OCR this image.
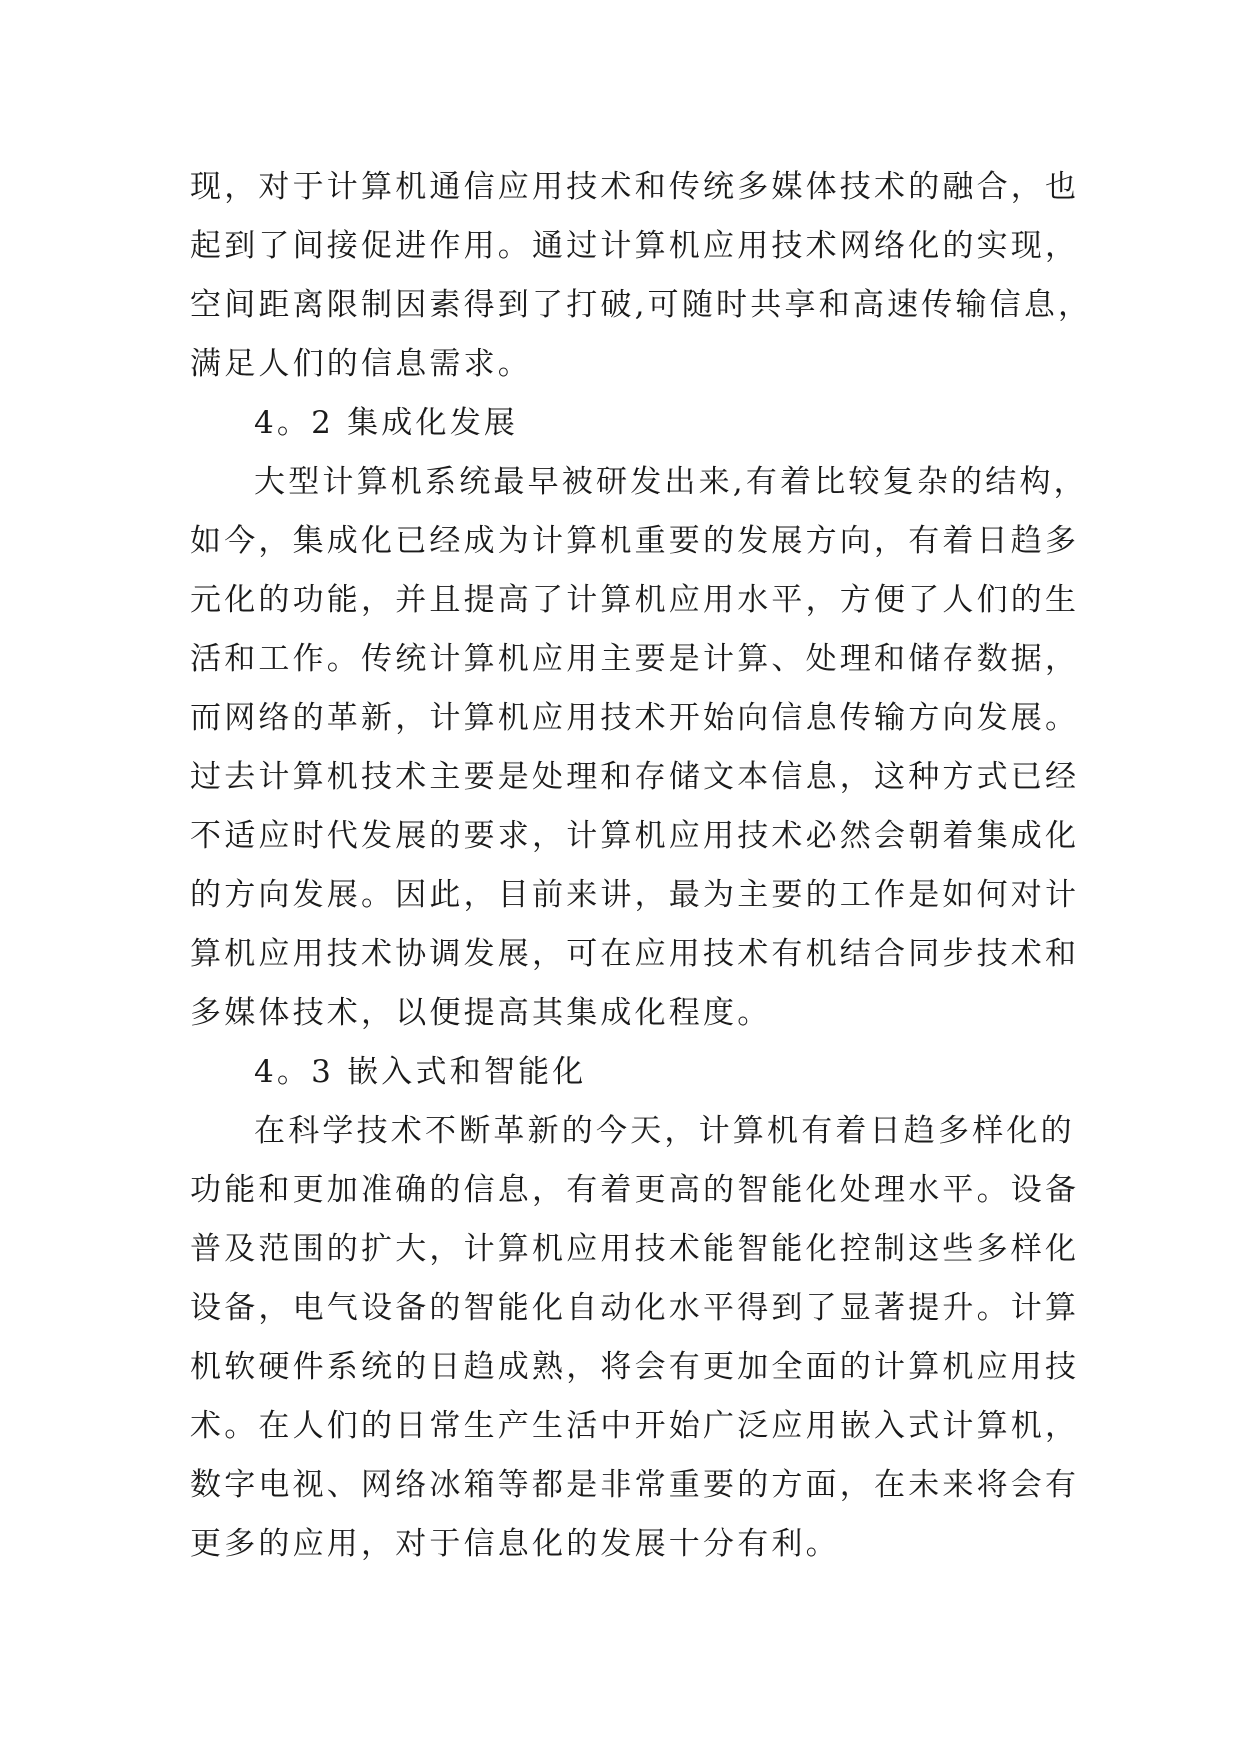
现，对于计算机通信应用技术和传统多媒体技术的融合，也
起到了间接促进作用。通过计算机应用技术网络化的实现，
空间距离限制因素得到了打破,可随时共享和高速传输信息，
满足人们的信息需求。
4。2 集成化发展
大型计算机系统最早被研发出来,有着比较复杂的结构，
如今，集成化已经成为计算机重要的发展方向，有着日趋多
元化的功能，并且提高了计算机应用水平，方便了人们的生
活和工作。传统计算机应用主要是计算、处理和储存数据，
而网络的革新，计算机应用技术开始向信息传输方向发展。
过去计算机技术主要是处理和存储文本信息，这种方式已经
不适应时代发展的要求，计算机应用技术必然会朝着集成化
的方向发展。因此，目前来讲，最为主要的工作是如何对计
算机应用技术协调发展，可在应用技术有机结合同步技术和
多媒体技术，以便提高其集成化程度。
4。3 嵌入式和智能化
在科学技术不断革新的今天，计算机有着日趋多样化的
功能和更加准确的信息，有着更高的智能化处理水平。设备
普及范围的扩大，计算机应用技术能智能化控制这些多样化
设备，电气设备的智能化自动化水平得到了显著提升。计算
机软硬件系统的日趋成熟，将会有更加全面的计算机应用技
术。在人们的日常生产生活中开始广泛应用嵌入式计算机，
数字电视、网络冰箱等都是非常重要的方面，在未来将会有
更多的应用，对于信息化的发展十分有利。
